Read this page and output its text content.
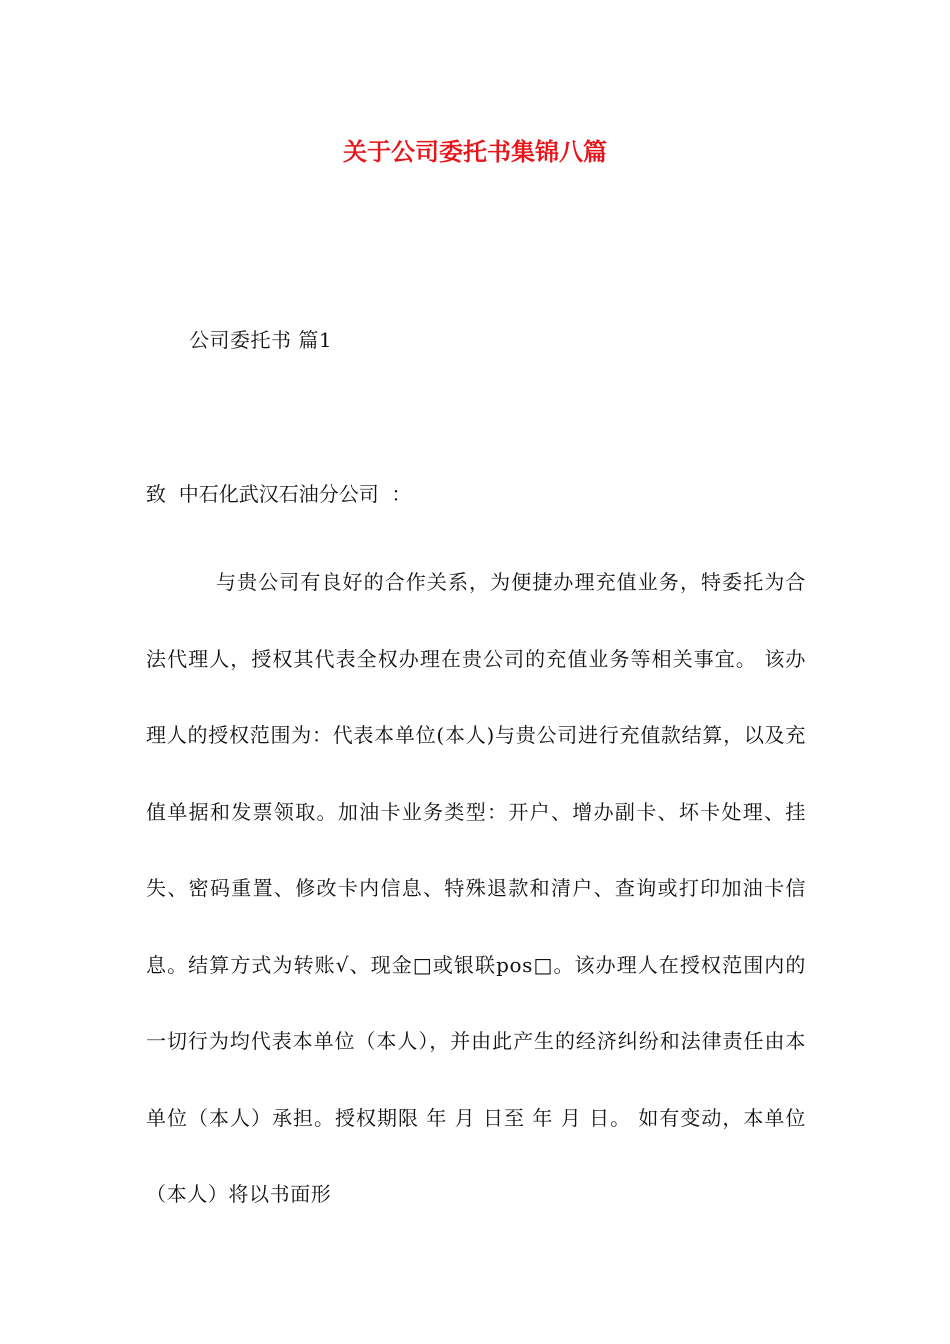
关于公司委托书集锦八篇
公司委托书 篇1
致  中石化武汉石油分公司  ：
与贵公司有良好的合作关系，为便捷办理充值业务，特委托为合法代理人，授权其代表全权办理在贵公司的充值业务等相关事宜。 该办理人的授权范围为：代表本单位(本人)与贵公司进行充值款结算，以及充值单据和发票领取。加油卡业务类型：开户、增办副卡、坏卡处理、挂失、密码重置、修改卡内信息、特殊退款和清户、查询或打印加油卡信息。结算方式为转账√、现金□或银联pos□。该办理人在授权范围内的一切行为均代表本单位（本人），并由此产生的经济纠纷和法律责任由本单位（本人）承担。授权期限 年 月 日至 年 月 日。 如有变动，本单位（本人）将以书面形
